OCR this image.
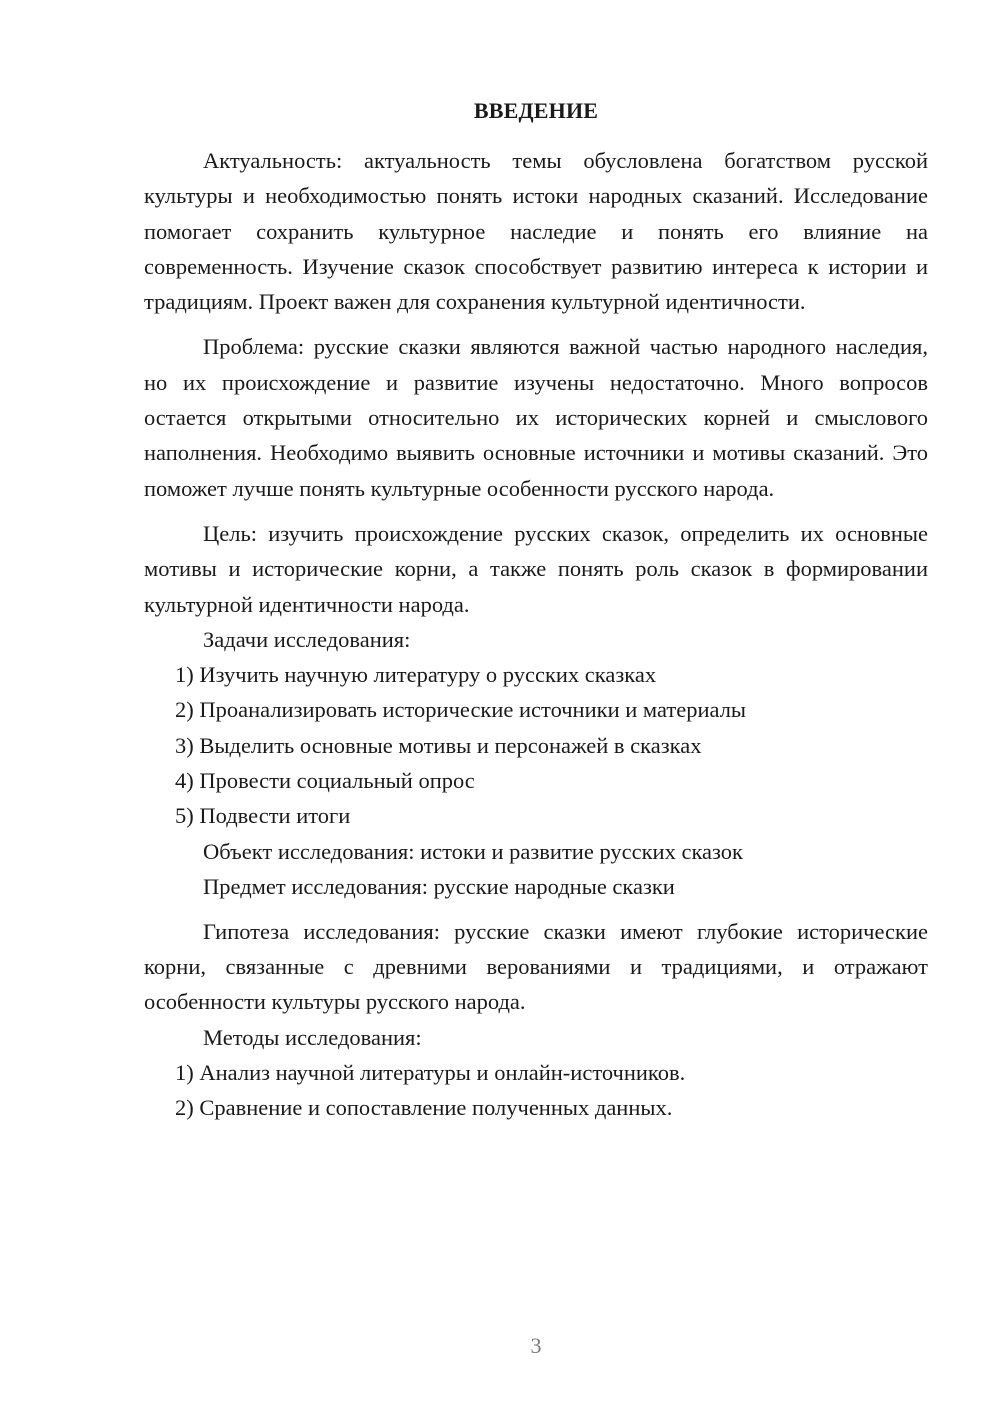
ВВЕДЕНИЕ

Актуальность: актуальность темы обусловлена богатством русской культуры и необходимостью понять истоки народных сказаний. Исследование помогает сохранить культурное наследие и понять его влияние на современность. Изучение сказок способствует развитию интереса к истории и традициям. Проект важен для сохранения культурной идентичности.

Проблема: русские сказки являются важной частью народного наследия, но их происхождение и развитие изучены недостаточно. Много вопросов остается открытыми относительно их исторических корней и смыслового наполнения. Необходимо выявить основные источники и мотивы сказаний. Это поможет лучше понять культурные особенности русского народа.

Цель: изучить происхождение русских сказок, определить их основные мотивы и исторические корни, а также понять роль сказок в формировании культурной идентичности народа.

Задачи исследования:

1) Изучить научную литературу о русских сказках

2) Проанализировать исторические источники и материалы

3) Выделить основные мотивы и персонажей в сказках

4) Провести социальный опрос

5) Подвести итоги

Объект исследования: истоки и развитие русских сказок

Предмет исследования: русские народные сказки

Гипотеза исследования: русские сказки имеют глубокие исторические корни, связанные с древними верованиями и традициями, и отражают особенности культуры русского народа.

Методы исследования:

1) Анализ научной литературы и онлайн-источников.

2) Сравнение и сопоставление полученных данных.

3
